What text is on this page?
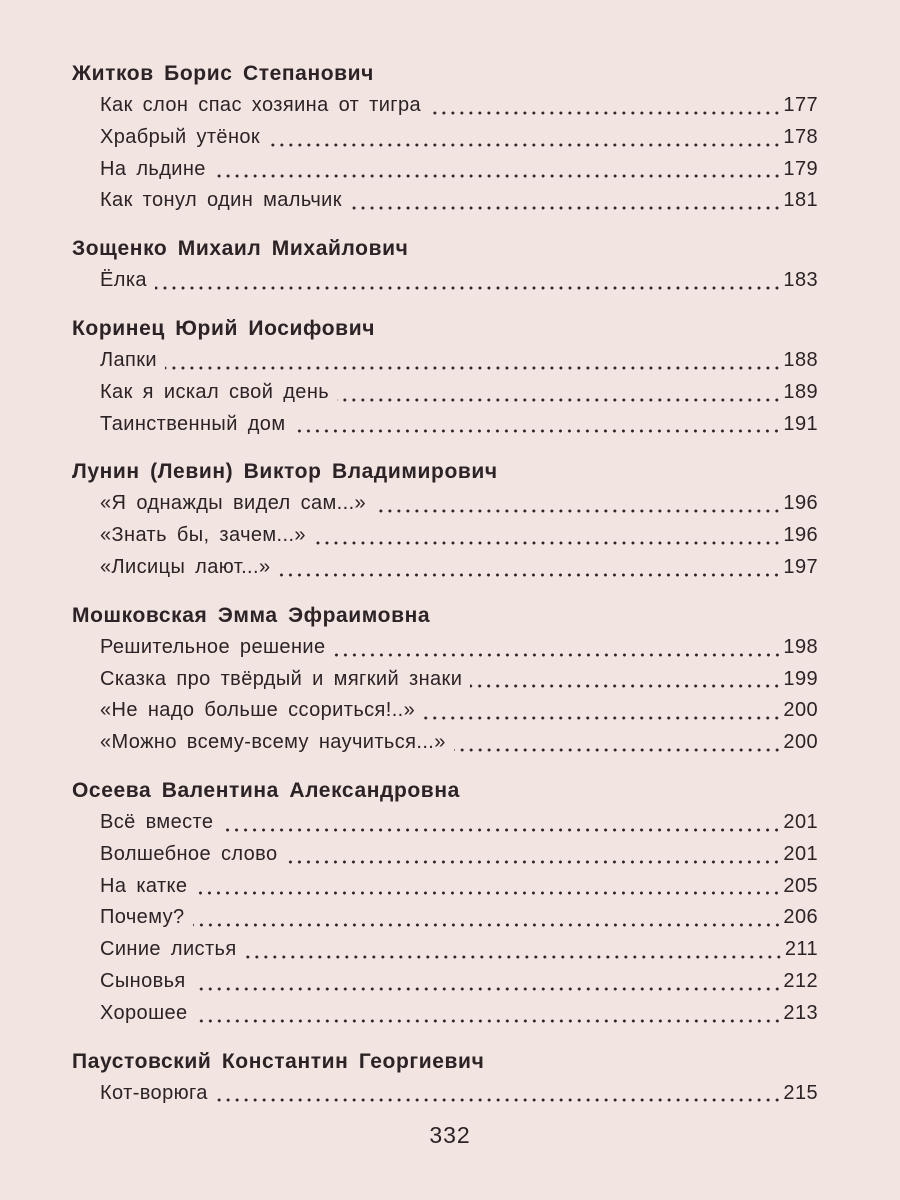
Житков Борис Степанович
Как слон спас хозяина от тигра	177
Храбрый утёнок	178
На льдине	179
Как тонул один мальчик	181
Зощенко Михаил Михайлович
Ёлка	183
Коринец Юрий Иосифович
Лапки	188
Как я искал свой день	189
Таинственный дом	191
Лунин (Левин) Виктор Владимирович
«Я однажды видел сам...»	196
«Знать бы, зачем...»	196
«Лисицы лают...»	197
Мошковская Эмма Эфраимовна
Решительное решение	198
Сказка про твёрдый и мягкий знаки	199
«Не надо больше ссориться!..»	200
«Можно всему-всему научиться...»	200
Осеева Валентина Александровна
Всё вместе	201
Волшебное слово	201
На катке	205
Почему?	206
Синие листья	211
Сыновья	212
Хорошее	213
Паустовский Константин Георгиевич
Кот-ворюга	215
332
